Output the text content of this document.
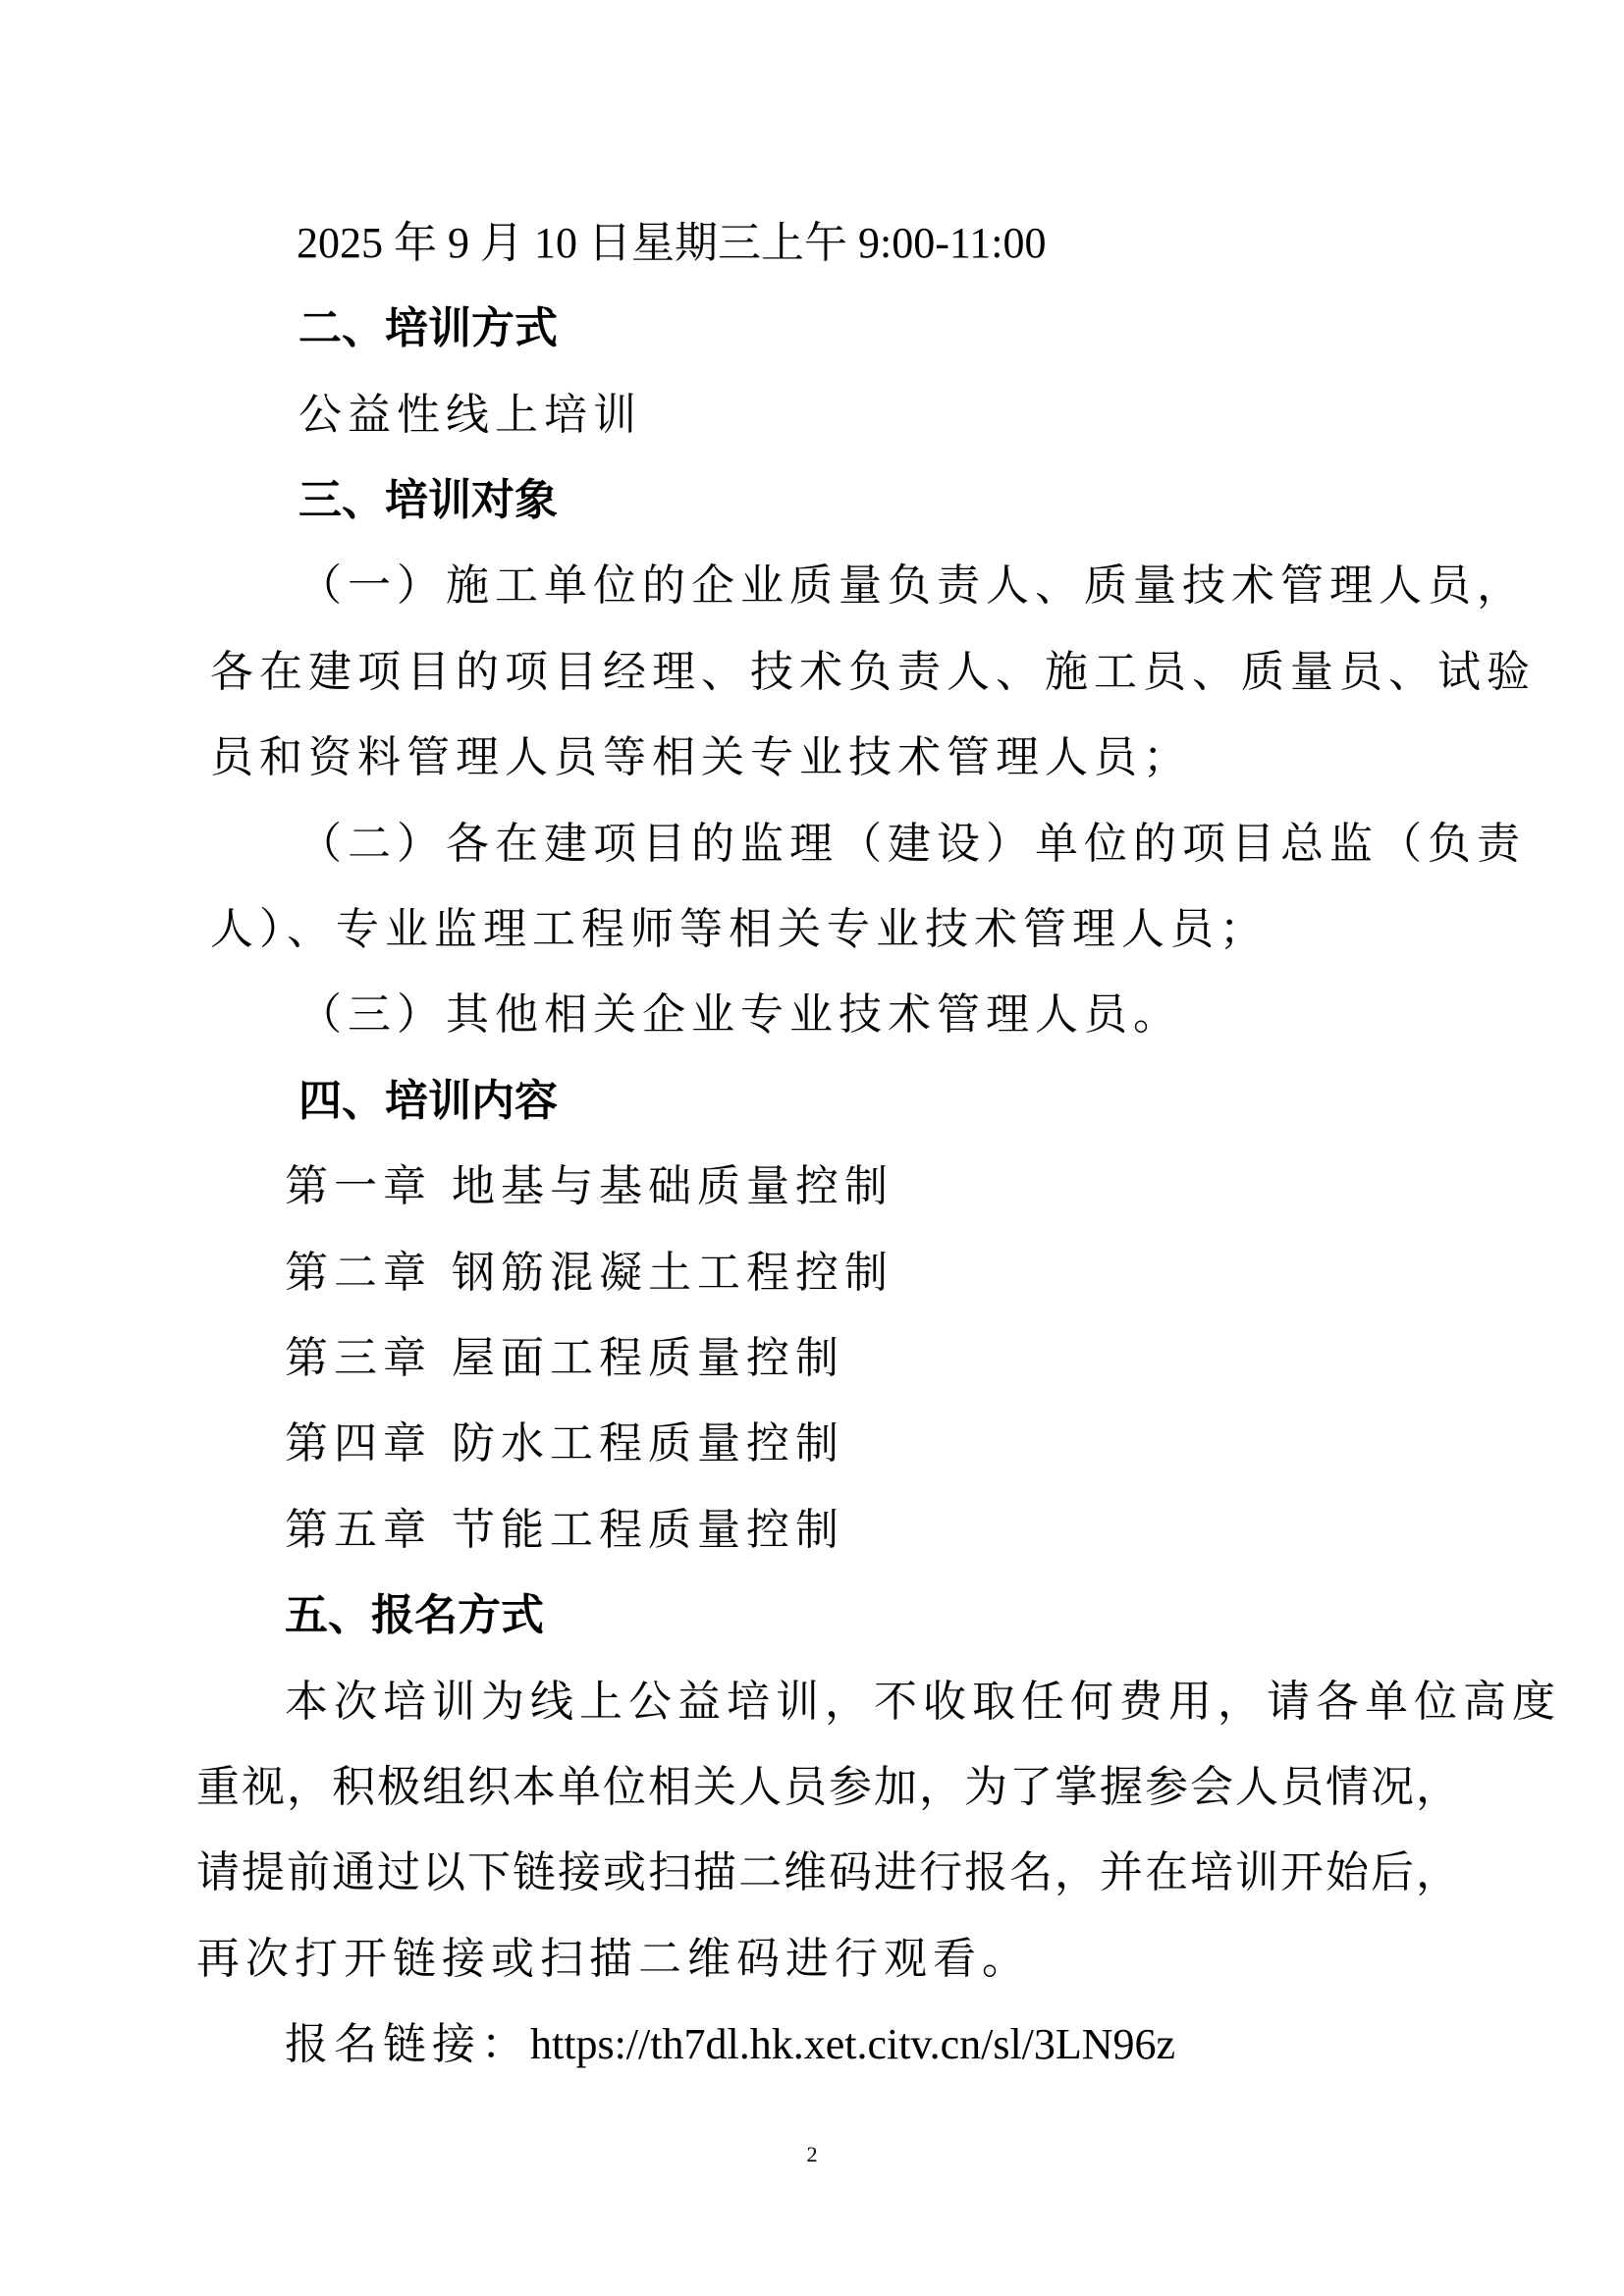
2025 年 9 月 10 日星期三上午 9:00-11:00
二、培训方式
公益性线上培训
三、培训对象
（一）施工单位的企业质量负责人、质量技术管理人员，
各在建项目的项目经理、技术负责人、施工员、质量员、试验
员和资料管理人员等相关专业技术管理人员；
（二）各在建项目的监理（建设）单位的项目总监（负责
人）、专业监理工程师等相关专业技术管理人员；
（三）其他相关企业专业技术管理人员。
四、培训内容
第一章 地基与基础质量控制
第二章 钢筋混凝土工程控制
第三章 屋面工程质量控制
第四章 防水工程质量控制
第五章 节能工程质量控制
五、报名方式
本次培训为线上公益培训，不收取任何费用，请各单位高度
重视，积极组织本单位相关人员参加，为了掌握参会人员情况，
请提前通过以下链接或扫描二维码进行报名，并在培训开始后，
再次打开链接或扫描二维码进行观看。
报名链接：https://th7dl.hk.xet.citv.cn/sl/3LN96z
2
